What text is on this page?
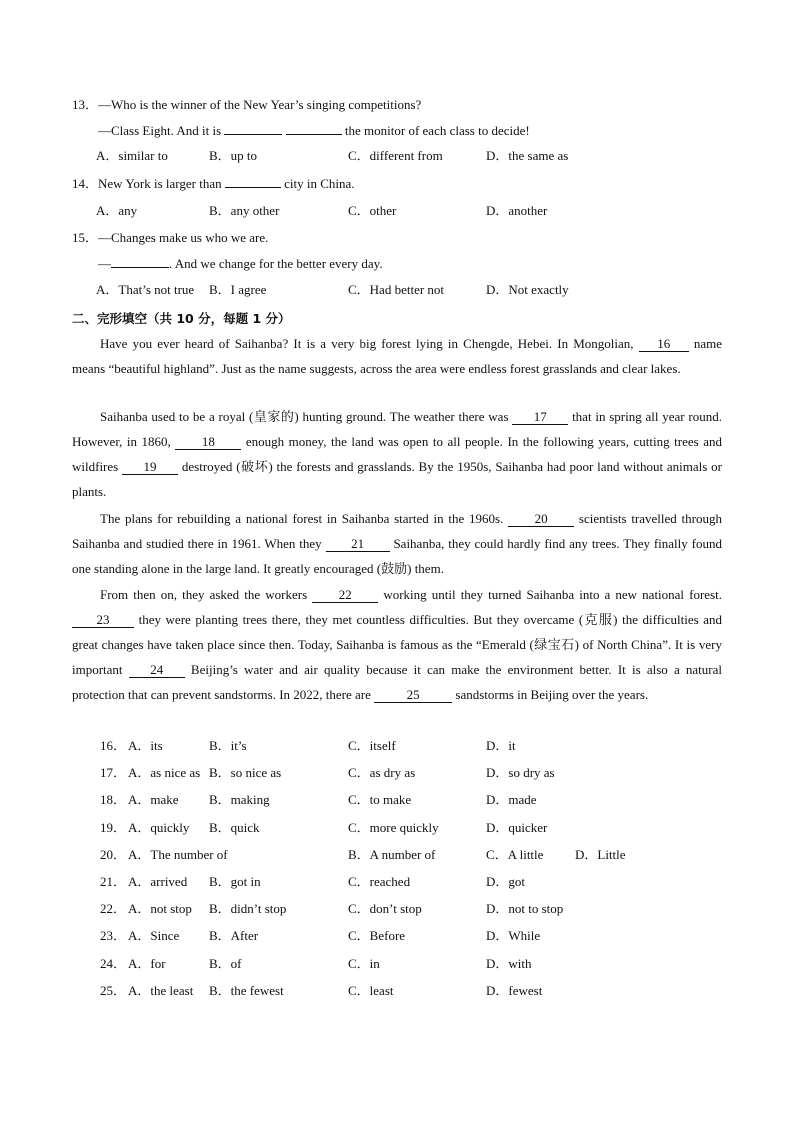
13．—Who is the winner of the New Year’s singing competitions?
—Class Eight. And it is	the monitor of each class to decide!
A．similar to	B．up to	C．different from	D．the same as
14．New York is larger than	city in China.
A．any	B．any other	C．other	D．another
15．—Changes make us who we are.
—	. And we change for the better every day.
A．That’s not true B．I agree	C．Had better not	D．Not exactly
二、完形填空（共 10 分，每题 1 分）
Have you ever heard of Saihanba? It is a very big forest lying in Chengde, Hebei. In Mongolian, 16 name means “beautiful highland”. Just as the name suggests, across the area were endless forest grasslands and clear lakes.
Saihanba used to be a royal (皇家的) hunting ground. The weather there was 17 that in spring all year round. However, in 1860, 18 enough money, the land was open to all people. In the following years, cutting trees and wildfires 19 destroyed (破坏) the forests and grasslands. By the 1950s, Saihanba had poor land without animals or plants.
The plans for rebuilding a national forest in Saihanba started in the 1960s. 20 scientists travelled through Saihanba and studied there in 1961. When they 21 Saihanba, they could hardly find any trees. They finally found one standing alone in the large land. It greatly encouraged (鼓励) them.
From then on, they asked the workers 22 working until they turned Saihanba into a new national forest. 23 they were planting trees there, they met countless difficulties. But they overcame (克服) the difficulties and great changes have taken place since then. Today, Saihanba is famous as the “Emerald (绿宝石) of North China”. It is very important 24 Beijing’s water and air quality because it can make the environment better. It is also a natural protection that can prevent sandstorms. In 2022, there are	25	sandstorms in Beijing over the years.
16． A．its	B．it’s	C．itself	D．it
17． A．as nice as B．so nice as	C．as dry as	D．so dry as
18． A．make B．making	C．to make	D．made
19． A．quickly B．quick	C．more quickly	D．quicker
20． A．The number of	B．A number of	C．A little D．Little
21． A．arrived B．got in	C．reached	D．got
22． A．not stop B．didn’t stop	C．don’t stop	D．not to stop
23． A．Since B．After	C．Before	D．While
24． A．for	B．of	C．in	D．with
25． A．the least B．the fewest	C．least	D．fewest
